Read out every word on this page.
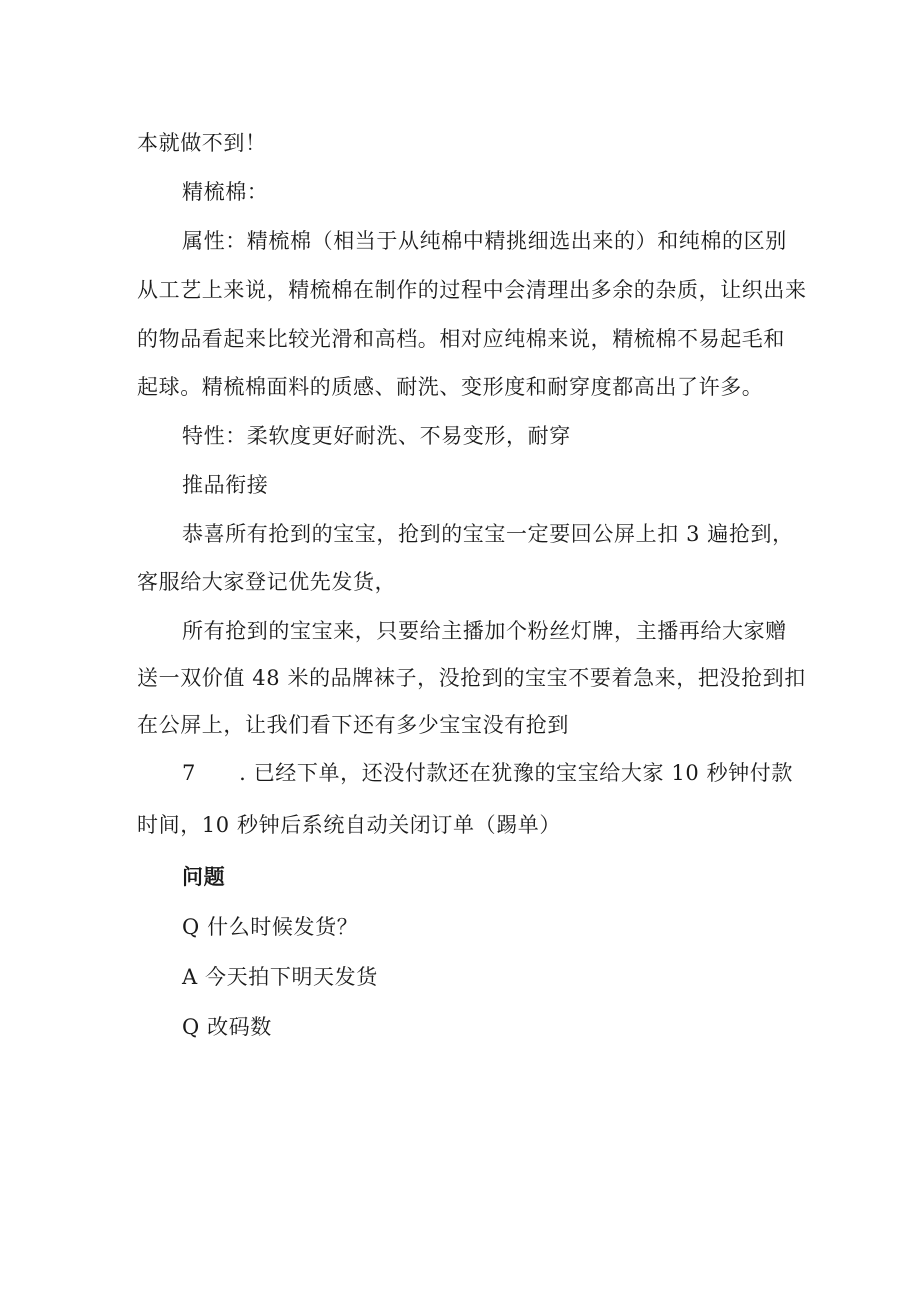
本就做不到！

精梳棉：

属性：精梳棉（相当于从纯棉中精挑细选出来的）和纯棉的区别

从工艺上来说，精梳棉在制作的过程中会清理出多余的杂质，让织出来

的物品看起来比较光滑和高档。相对应纯棉来说，精梳棉不易起毛和

起球。精梳棉面料的质感、耐洗、变形度和耐穿度都高出了许多。

特性：柔软度更好耐洗、不易变形，耐穿

推品衔接

恭喜所有抢到的宝宝，抢到的宝宝一定要回公屏上扣 3 遍抢到，

客服给大家登记优先发货，

所有抢到的宝宝来，只要给主播加个粉丝灯牌，主播再给大家赠

送一双价值 48 米的品牌袜子，没抢到的宝宝不要着急来，把没抢到扣

在公屏上，让我们看下还有多少宝宝没有抢到

7　　. 已经下单，还没付款还在犹豫的宝宝给大家 10 秒钟付款

时间，10 秒钟后系统自动关闭订单（踢单）

问题

Q 什么时候发货？

A 今天拍下明天发货

Q 改码数
